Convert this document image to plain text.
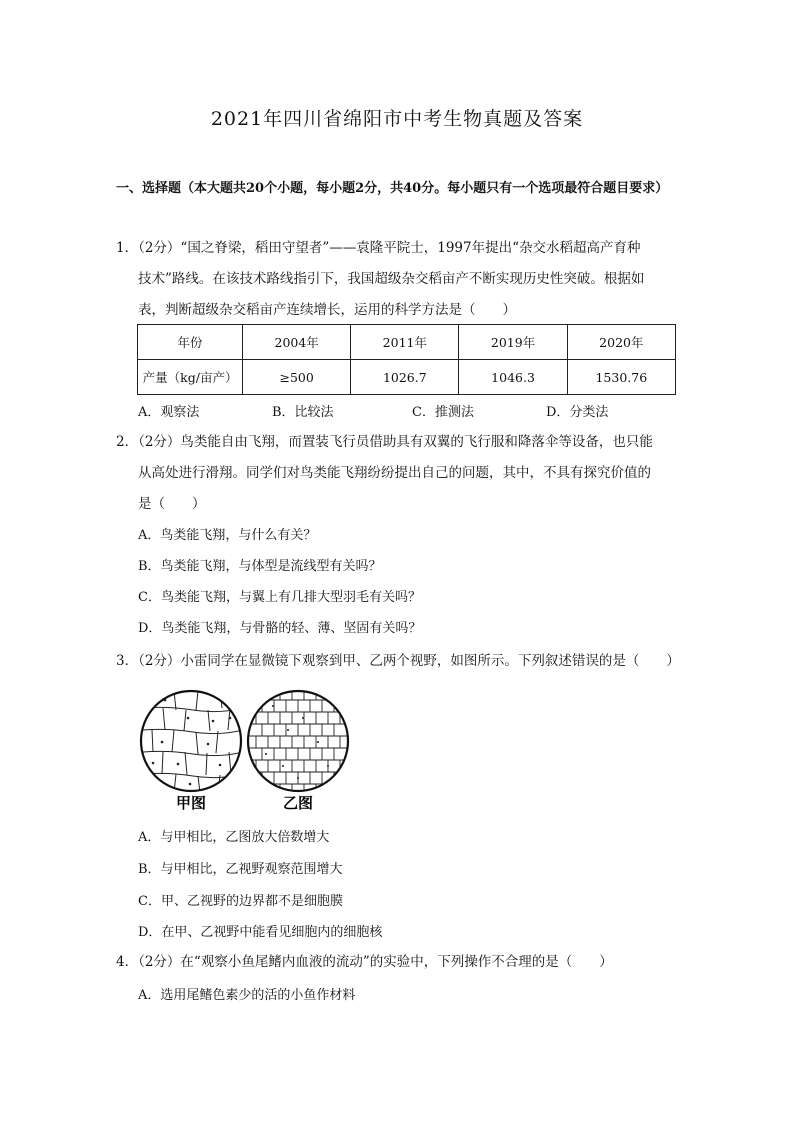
2021年四川省绵阳市中考生物真题及答案
一、选择题（本大题共20个小题，每小题2分，共40分。每小题只有一个选项最符合题目要求）
1．（2分）“国之脊梁，稻田守望者”——袁隆平院士，1997年提出“杂交水稻超高产育种
技术”路线。在该技术路线指引下，我国超级杂交稻亩产不断实现历史性突破。根据如
表，判断超级杂交稻亩产连续增长，运用的科学方法是（　　）
年份	2004年	2011年	2019年	2020年
产量（kg/亩产）	≥500	1026.7	1046.3	1530.76
A．观察法	B．比较法	C．推测法	D．分类法
2．（2分）鸟类能自由飞翔，而置装飞行员借助具有双翼的飞行服和降落伞等设备，也只能
从高处进行滑翔。同学们对鸟类能飞翔纷纷提出自己的问题，其中，不具有探究价值的
是（　　）
A．鸟类能飞翔，与什么有关？
B．鸟类能飞翔，与体型是流线型有关吗？
C．鸟类能飞翔，与翼上有几排大型羽毛有关吗？
D．鸟类能飞翔，与骨骼的轻、薄、坚固有关吗？
3．（2分）小雷同学在显微镜下观察到甲、乙两个视野，如图所示。下列叙述错误的是（　　）
甲图	乙图
A．与甲相比，乙图放大倍数增大
B．与甲相比，乙视野观察范围增大
C．甲、乙视野的边界都不是细胞膜
D．在甲、乙视野中能看见细胞内的细胞核
4．（2分）在“观察小鱼尾鳍内血液的流动”的实验中，下列操作不合理的是（　　）
A．选用尾鳍色素少的活的小鱼作材料
